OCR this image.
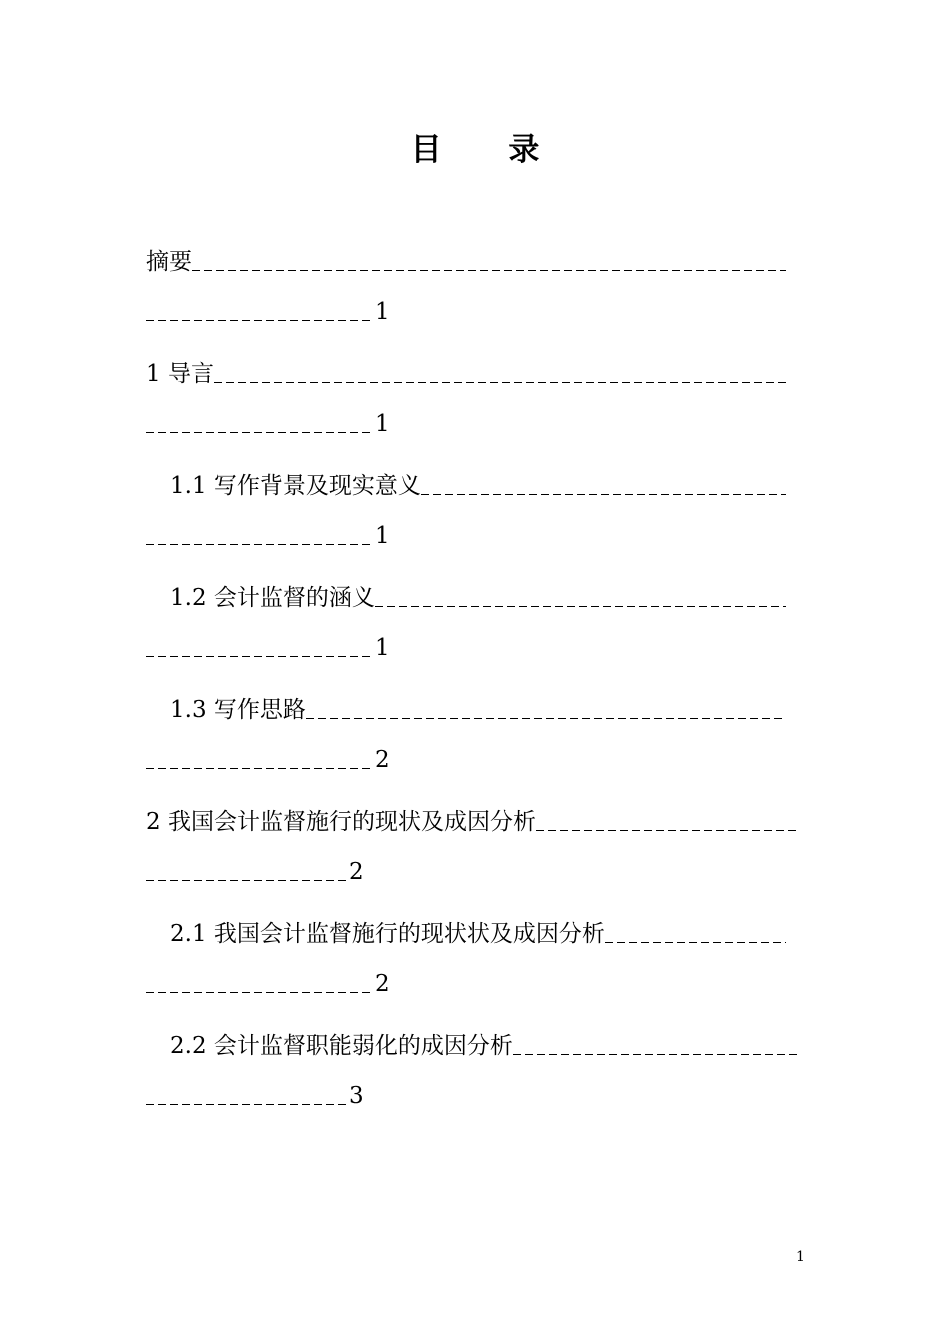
目 录
摘要
1
1 导言
1
1.1 写作背景及现实意义
1
1.2 会计监督的涵义
1
1.3 写作思路
2
2 我国会计监督施行的现状及成因分析
2
2.1 我国会计监督施行的现状状及成因分析
2
2.2 会计监督职能弱化的成因分析
3
1
